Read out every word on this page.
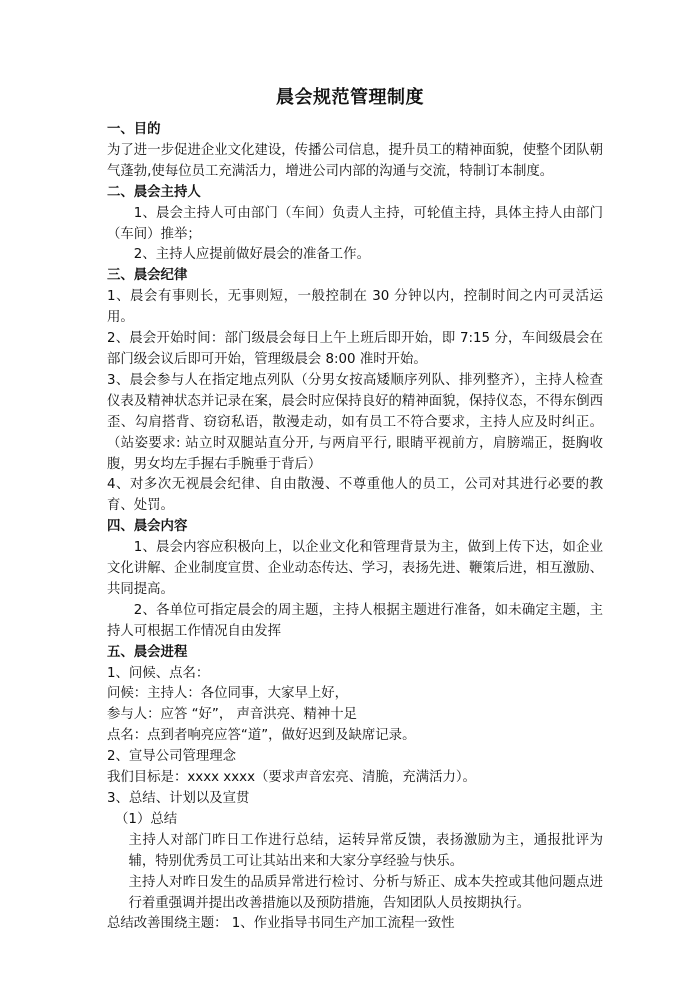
晨会规范管理制度

一、目的

为了进一步促进企业文化建设，传播公司信息，提升员工的精神面貌，使整个团队朝气蓬勃,使每位员工充满活力，增进公司内部的沟通与交流，特制订本制度。

二、晨会主持人

1、晨会主持人可由部门（车间）负责人主持，可轮值主持，具体主持人由部门（车间）推举；

2、主持人应提前做好晨会的准备工作。

三、晨会纪律

1、晨会有事则长，无事则短，一般控制在 30 分钟以内，控制时间之内可灵活运用。

2、晨会开始时间：部门级晨会每日上午上班后即开始，即 7:15 分，车间级晨会在部门级会议后即可开始，管理级晨会 8:00 准时开始。

3、晨会参与人在指定地点列队（分男女按高矮顺序列队、排列整齐），主持人检查仪表及精神状态并记录在案，晨会时应保持良好的精神面貌，保持仪态，不得东倒西歪、勾肩搭背、窃窃私语，散漫走动，如有员工不符合要求，主持人应及时纠正。（站姿要求: 站立时双腿站直分开, 与两肩平行, 眼睛平视前方，肩膀端正，挺胸收腹，男女均左手握右手腕垂于背后）

4、对多次无视晨会纪律、自由散漫、不尊重他人的员工，公司对其进行必要的教育、处罚。

四、晨会内容

1、晨会内容应积极向上，以企业文化和管理背景为主，做到上传下达，如企业文化讲解、企业制度宣贯、企业动态传达、学习，表扬先进、鞭策后进，相互激励、共同提高。

2、各单位可指定晨会的周主题，主持人根据主题进行准备，如未确定主题，主持人可根据工作情况自由发挥

五、晨会进程

1、问候、点名：

问候：主持人：各位同事，大家早上好，

参与人：应答 “好”， 声音洪亮、精神十足

点名：点到者响亮应答“道”，做好迟到及缺席记录。

2、宣导公司管理理念

我们目标是：xxxx xxxx（要求声音宏亮、清脆，充满活力）。

3、总结、计划以及宣贯

（1）总结

主持人对部门昨日工作进行总结，运转异常反馈，表扬激励为主，通报批评为辅，特别优秀员工可让其站出来和大家分享经验与快乐。

主持人对昨日发生的品质异常进行检讨、分析与矫正、成本失控或其他问题点进行着重强调并提出改善措施以及预防措施，告知团队人员按期执行。

总结改善围绕主题： 1、作业指导书同生产加工流程一致性
